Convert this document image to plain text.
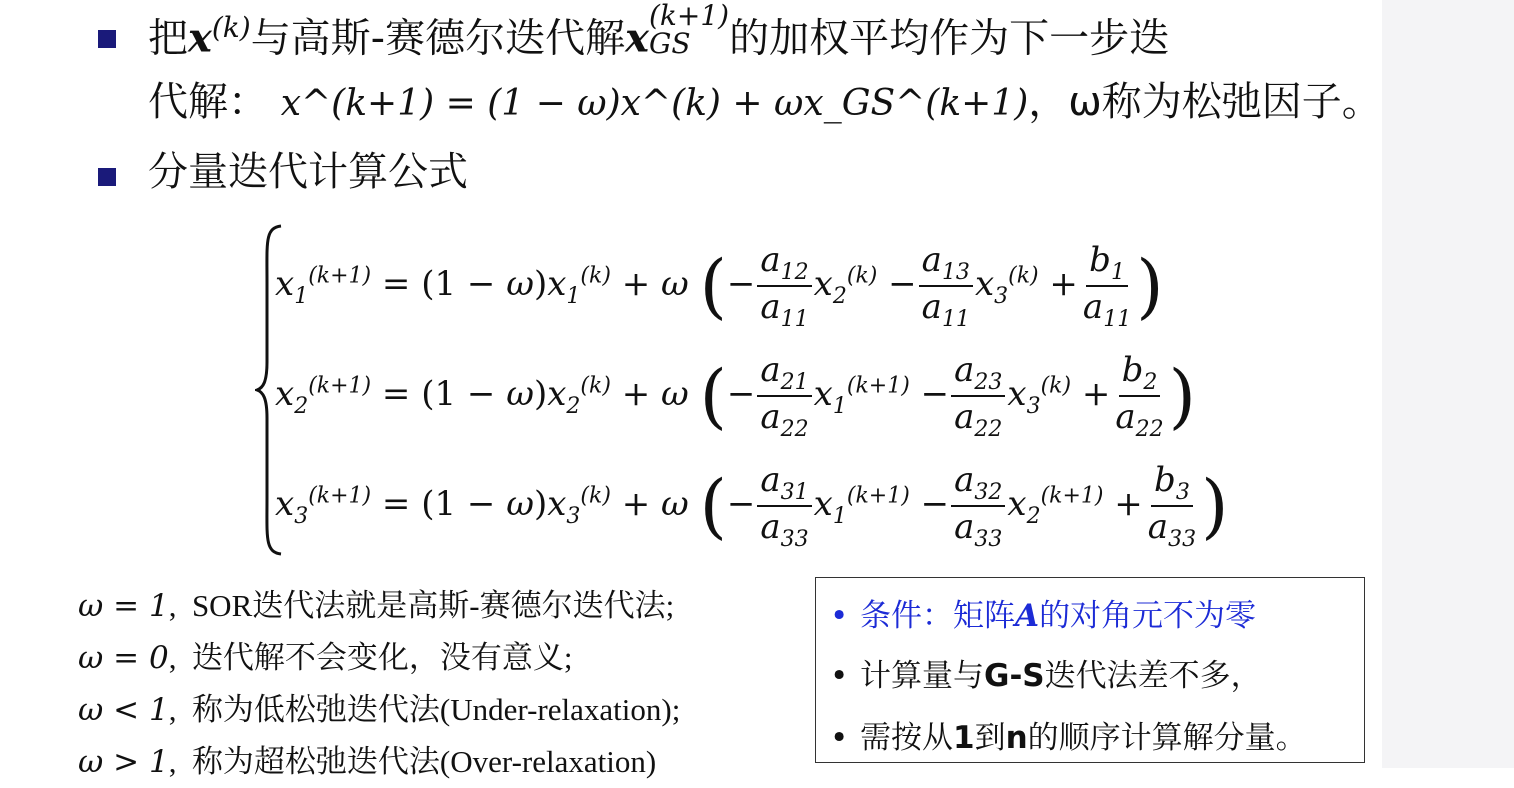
把$x^{(k)}$与高斯-赛德尔迭代解x (k+1)
GS 的加权平均作为下一步迭
代解： x^(k+1) = (1 − ω)x^(k) + ωx_GS^(k+1)，ω称为松弛因子。
分量迭代计算公式
$x_1^{(k+1)} = (1 - \omega)x_1^{(k)} + \omega$ (− $\frac{a_{12}}{a_{11}} x_2^{(k)} - \frac{a_{13}}{a_{11}} x_3^{(k)} + \frac{b_1}{a_{11}}$ )
$x_2^{(k+1)} = (1 - \omega)x_2^{(k)} + \omega$ (− $\frac{a_{21}}{a_{22}} x_1^{(k+1)} - \frac{a_{23}}{a_{22}} x_3^{(k)} + \frac{b_2}{a_{22}}$ )
$x_3^{(k+1)} = (1 - \omega)x_3^{(k)} + \omega$ (− $\frac{a_{31}}{a_{33}} x_1^{(k+1)} - \frac{a_{32}}{a_{33}} x_2^{(k+1)} + \frac{b_3}{a_{33}}$ )
ω = 1,  SOR迭代法就是高斯-赛德尔迭代法;
ω = 0,  迭代解不会变化，没有意义;
ω < 1,  称为低松弛迭代法(Under-relaxation);
ω > 1,  称为超松弛迭代法(Over-relaxation)
• 条件：矩阵A的对角元不为零
• 计算量与G-S迭代法差不多，
• 需按从1到n的顺序计算解分量。
